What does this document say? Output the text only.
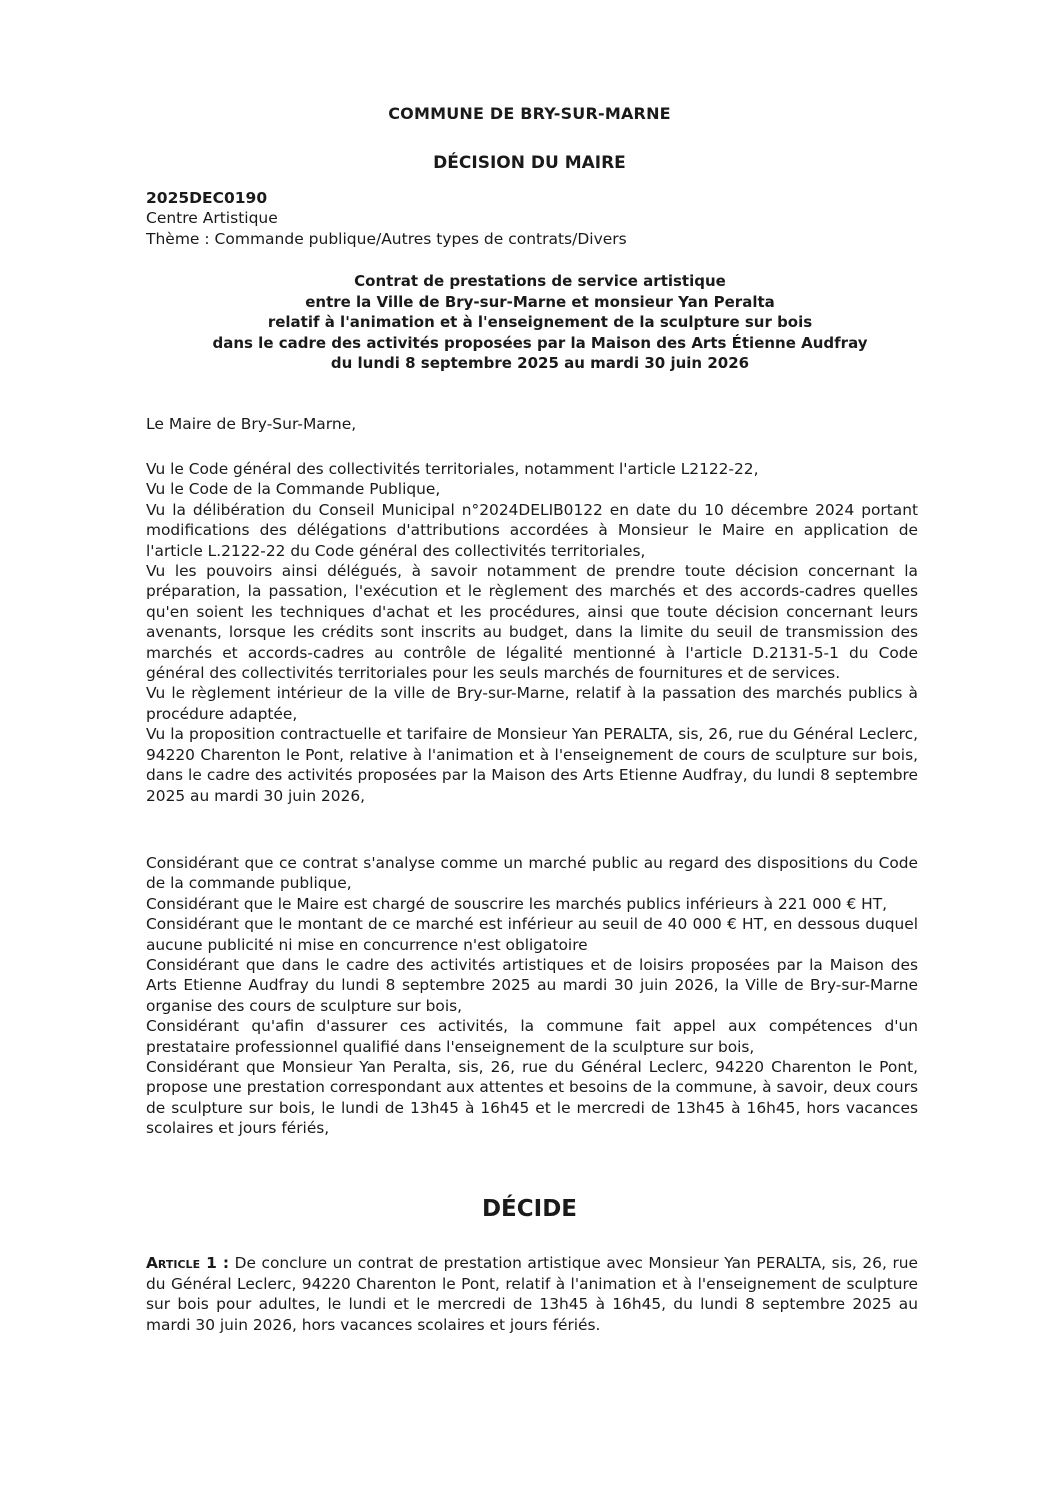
COMMUNE DE BRY-SUR-MARNE
DÉCISION DU MAIRE
2025DEC0190
Centre Artistique
Thème : Commande publique/Autres types de contrats/Divers
Contrat de prestations de service artistique
entre la Ville de Bry-sur-Marne et monsieur Yan Peralta
relatif à l'animation et à l'enseignement de la sculpture sur bois
dans le cadre des activités proposées par la Maison des Arts Étienne Audfray
du lundi 8 septembre 2025 au mardi 30 juin 2026
Le Maire de Bry-Sur-Marne,

Vu le Code général des collectivités territoriales, notamment l'article L2122-22,

Vu le Code de la Commande Publique,

Vu la délibération du Conseil Municipal n°2024DELIB0122 en date du 10 décembre 2024 portant modifications des délégations d'attributions accordées à Monsieur le Maire en application de l'article L.2122-22 du Code général des collectivités territoriales,

Vu les pouvoirs ainsi délégués, à savoir notamment de prendre toute décision concernant la préparation, la passation, l'exécution et le règlement des marchés et des accords-cadres quelles qu'en soient les techniques d'achat et les procédures, ainsi que toute décision concernant leurs avenants, lorsque les crédits sont inscrits au budget, dans la limite du seuil de transmission des marchés et accords-cadres au contrôle de légalité mentionné à l'article D.2131-5-1 du Code général des collectivités territoriales pour les seuls marchés de fournitures et de services.

Vu le règlement intérieur de la ville de Bry-sur-Marne, relatif à la passation des marchés publics à procédure adaptée,

Vu la proposition contractuelle et tarifaire de Monsieur Yan PERALTA, sis, 26, rue du Général Leclerc, 94220 Charenton le Pont, relative à l'animation et à l'enseignement de cours de sculpture sur bois, dans le cadre des activités proposées par la Maison des Arts Etienne Audfray, du lundi 8 septembre 2025 au mardi 30 juin 2026,

Considérant que ce contrat s'analyse comme un marché public au regard des dispositions du Code de la commande publique,

Considérant que le Maire est chargé de souscrire les marchés publics inférieurs à 221 000 € HT,

Considérant que le montant de ce marché est inférieur au seuil de 40 000 € HT, en dessous duquel aucune publicité ni mise en concurrence n'est obligatoire

Considérant que dans le cadre des activités artistiques et de loisirs proposées par la Maison des Arts Etienne Audfray du lundi 8 septembre 2025 au mardi 30 juin 2026, la Ville de Bry-sur-Marne organise des cours de sculpture sur bois,

Considérant qu'afin d'assurer ces activités, la commune fait appel aux compétences d'un prestataire professionnel qualifié dans l'enseignement de la sculpture sur bois,

Considérant que Monsieur Yan Peralta, sis, 26, rue du Général Leclerc, 94220 Charenton le Pont, propose une prestation correspondant aux attentes et besoins de la commune, à savoir, deux cours de sculpture sur bois, le lundi de 13h45 à 16h45 et le mercredi de 13h45 à 16h45, hors vacances scolaires et jours fériés,

DÉCIDE
Article 1 : De conclure un contrat de prestation artistique avec Monsieur Yan PERALTA, sis, 26, rue du Général Leclerc, 94220 Charenton le Pont, relatif à l'animation et à l'enseignement de sculpture sur bois pour adultes, le lundi et le mercredi de 13h45 à 16h45, du lundi 8 septembre 2025 au mardi 30 juin 2026, hors vacances scolaires et jours fériés.
